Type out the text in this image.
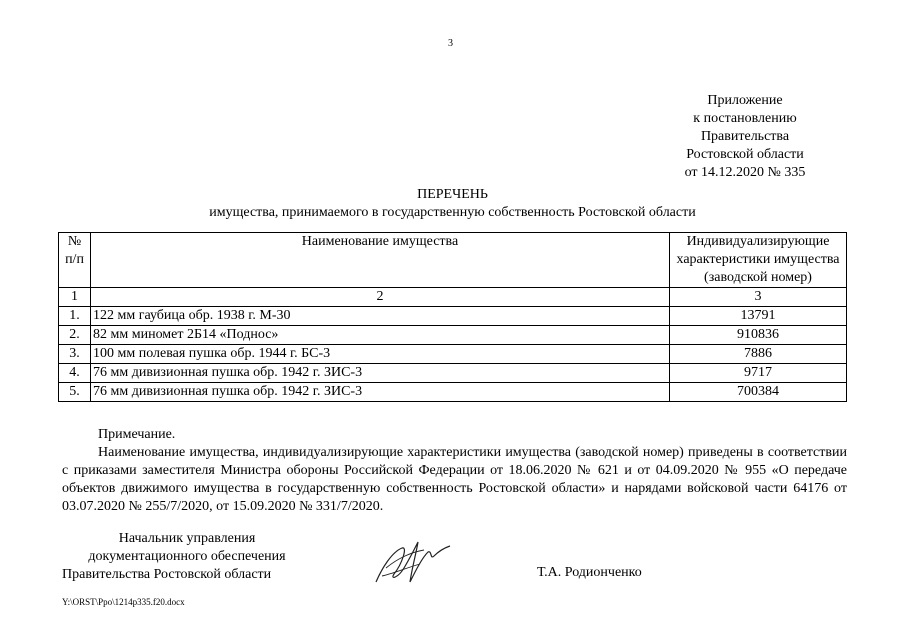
3
Приложение
к постановлению
Правительства
Ростовской области
от 14.12.2020 № 335
ПЕРЕЧЕНЬ
имущества, принимаемого в государственную собственность Ростовской области
№ п/п	Наименование имущества	Индивидуализирующие характеристики имущества (заводской номер)
1	2	3
1.	122 мм гаубица обр. 1938 г. М-30	13791
2.	82 мм миномет 2Б14 «Поднос»	910836
3.	100 мм полевая пушка обр. 1944 г. БС-3	7886
4.	76 мм дивизионная пушка обр. 1942 г. ЗИС-3	9717
5.	76 мм дивизионная пушка обр. 1942 г. ЗИС-3	700384
Примечание.

Наименование имущества, индивидуализирующие характеристики имущества (заводской номер) приведены в соответствии с приказами заместителя Министра обороны Российской Федерации от 18.06.2020 № 621 и от 04.09.2020 № 955 «О передаче объектов движимого имущества в государственную собственность Ростовской области» и нарядами войсковой части 64176 от 03.07.2020 № 255/7/2020, от 15.09.2020 № 331/7/2020.

Начальник управления
документационного обеспечения
Правительства Ростовской области	Т.А. Родионченко
Y:\ORST\Ppo\1214p335.f20.docx
